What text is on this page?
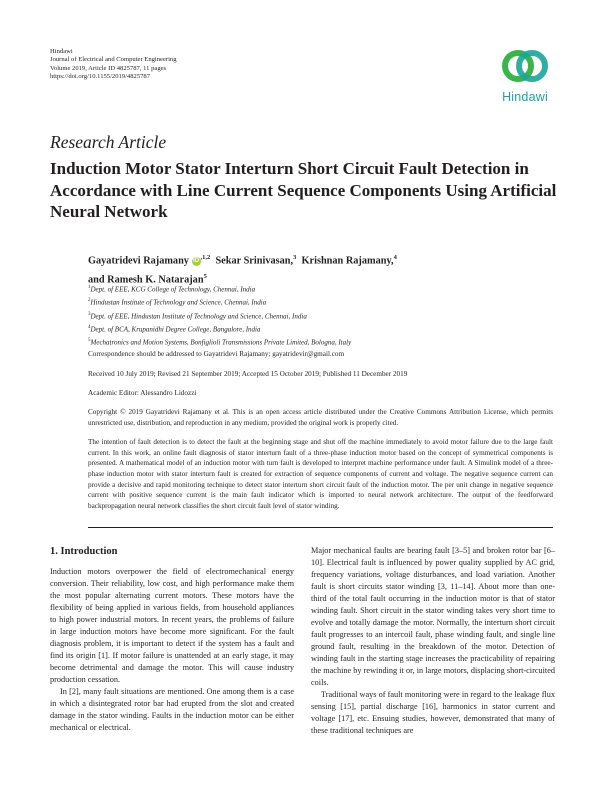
Hindawi
Journal of Electrical and Computer Engineering
Volume 2019, Article ID 4825787, 11 pages
https://doi.org/10.1155/2019/4825787
Hindawi
Research Article
Induction Motor Stator Interturn Short Circuit Fault Detection in Accordance with Line Current Sequence Components Using Artificial Neural Network
Gayatridevi Rajamany $iD^{,1,2}$ Sekar Srinivasan,$^3$ Krishnan Rajamany,$^4$
and Ramesh K. Natarajan$^5$
$^1$Dept. of EEE, KCG College of Technology, Chennai, India
$^2$Hindustan Institute of Technology and Science, Chennai, India
$^3$Dept. of EEE, Hindustan Institute of Technology and Science, Chennai, India
$^4$Dept. of BCA, Krupanidhi Degree College, Bangalore, India
$^5$Mechatronics and Motion Systems, Bonfiglioli Transmissions Private Limited, Bologna, Italy
Correspondence should be addressed to Gayatridevi Rajamany; gayatridevir@gmail.com
Received 10 July 2019; Revised 21 September 2019; Accepted 15 October 2019; Published 11 December 2019
Academic Editor: Alessandro Lidozzi
Copyright © 2019 Gayatridevi Rajamany et al. This is an open access article distributed under the Creative Commons Attribution License, which permits unrestricted use, distribution, and reproduction in any medium, provided the original work is properly cited.
The intention of fault detection is to detect the fault at the beginning stage and shut off the machine immediately to avoid motor failure due to the large fault current. In this work, an online fault diagnosis of stator interturn fault of a three-phase induction motor based on the concept of symmetrical components is presented. A mathematical model of an induction motor with turn fault is developed to interpret machine performance under fault. A Simulink model of a three-phase induction motor with stator interturn fault is created for extraction of sequence components of current and voltage. The negative sequence current can provide a decisive and rapid monitoring technique to detect stator interturn short circuit fault of the induction motor. The per unit change in negative sequence current with positive sequence current is the main fault indicator which is imported to neural network architecture. The output of the feedforward backpropagation neural network classifies the short circuit fault level of stator winding.
1. Introduction

Induction motors overpower the field of electromechanical energy conversion. Their reliability, low cost, and high performance make them the most popular alternating current motors. These motors have the flexibility of being applied in various fields, from household appliances to high power industrial motors. In recent years, the problems of failure in large induction motors have become more significant. For the fault diagnosis problem, it is important to detect if the system has a fault and find its origin [1]. If motor failure is unattended at an early stage, it may become detrimental and damage the motor. This will cause industry production cessation.

In [2], many fault situations are mentioned. One among them is a case in which a disintegrated rotor bar had erupted from the slot and created damage in the stator winding. Faults in the induction motor can be either mechanical or electrical.

Major mechanical faults are bearing fault [3–5] and broken rotor bar [6–10]. Electrical fault is influenced by power quality supplied by AC grid, frequency variations, voltage disturbances, and load variation. Another fault is short circuits stator winding [3, 11–14]. About more than one-third of the total fault occurring in the induction motor is that of stator winding fault. Short circuit in the stator winding takes very short time to evolve and totally damage the motor. Normally, the interturn short circuit fault progresses to an intercoil fault, phase winding fault, and single line ground fault, resulting in the breakdown of the motor. Detection of winding fault in the starting stage increases the practicability of repairing the machine by rewinding it or, in large motors, displacing short-circuited coils.

Traditional ways of fault monitoring were in regard to the leakage flux sensing [15], partial discharge [16], harmonics in stator current and voltage [17], etc. Ensuing studies, however, demonstrated that many of these traditional techniques are
